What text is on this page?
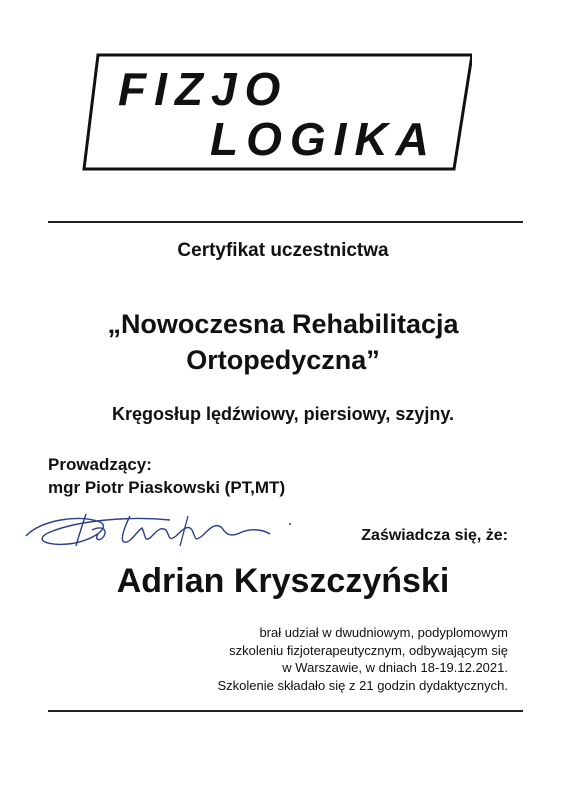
FIZJO
LOGIKA
Certyfikat uczestnictwa
„Nowoczesna Rehabilitacja
Ortopedyczna”
Kręgosłup lędźwiowy, piersiowy, szyjny.
Prowadzący:
mgr Piotr Piaskowski (PT,MT)
Zaświadcza się, że:
Adrian Kryszczyński
brał udział w dwudniowym, podyplomowym
szkoleniu fizjoterapeutycznym, odbywającym się
w Warszawie, w dniach 18-19.12.2021.
Szkolenie składało się z 21 godzin dydaktycznych.
